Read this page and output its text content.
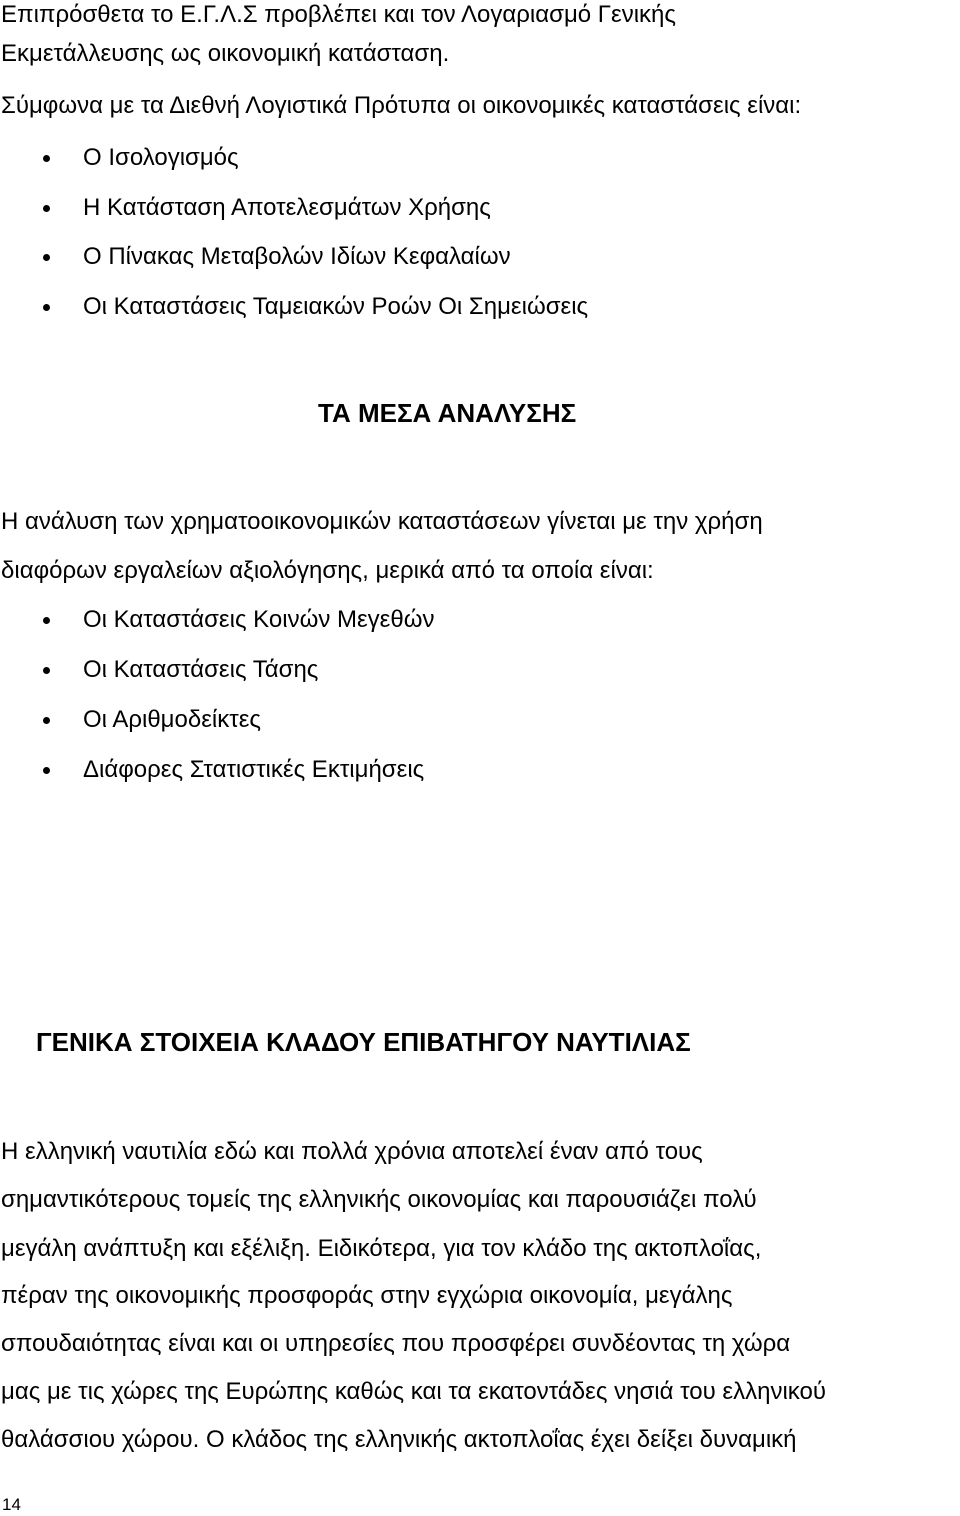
Επιπρόσθετα το Ε.Γ.Λ.Σ προβλέπει και τον Λογαριασμό Γενικής
Εκμετάλλευσης ως οικονομική κατάσταση.
Σύμφωνα με τα Διεθνή Λογιστικά Πρότυπα οι οικονομικές καταστάσεις είναι:
Ο Ισολογισμός
Η Κατάσταση Αποτελεσμάτων Χρήσης
Ο Πίνακας Μεταβολών Ιδίων Κεφαλαίων
Οι Καταστάσεις Ταμειακών Ροών Οι Σημειώσεις
ΤΑ ΜΕΣΑ ΑΝΑΛΥΣΗΣ
Η ανάλυση των χρηματοοικονομικών καταστάσεων γίνεται με την χρήση
διαφόρων εργαλείων αξιολόγησης, μερικά από τα οποία είναι:
Οι Καταστάσεις Κοινών Μεγεθών
Οι Καταστάσεις Τάσης
Οι Αριθμοδείκτες
Διάφορες Στατιστικές Εκτιμήσεις
ΓΕΝΙΚΑ ΣΤΟΙΧΕΙΑ ΚΛΑΔΟΥ ΕΠΙΒΑΤΗΓΟΥ ΝΑΥΤΙΛΙΑΣ
Η ελληνική ναυτιλία εδώ και πολλά χρόνια αποτελεί έναν από τους
σημαντικότερους τομείς της ελληνικής οικονομίας και παρουσιάζει πολύ
μεγάλη ανάπτυξη και εξέλιξη. Ειδικότερα, για τον κλάδο της ακτοπλοΐας,
πέραν της οικονομικής προσφοράς στην εγχώρια οικονομία, μεγάλης
σπουδαιότητας είναι και οι υπηρεσίες που προσφέρει συνδέοντας τη χώρα
μας με τις χώρες της Ευρώπης καθώς και τα εκατοντάδες νησιά του ελληνικού
θαλάσσιου χώρου. Ο κλάδος της ελληνικής ακτοπλοΐας έχει δείξει δυναμική
14
